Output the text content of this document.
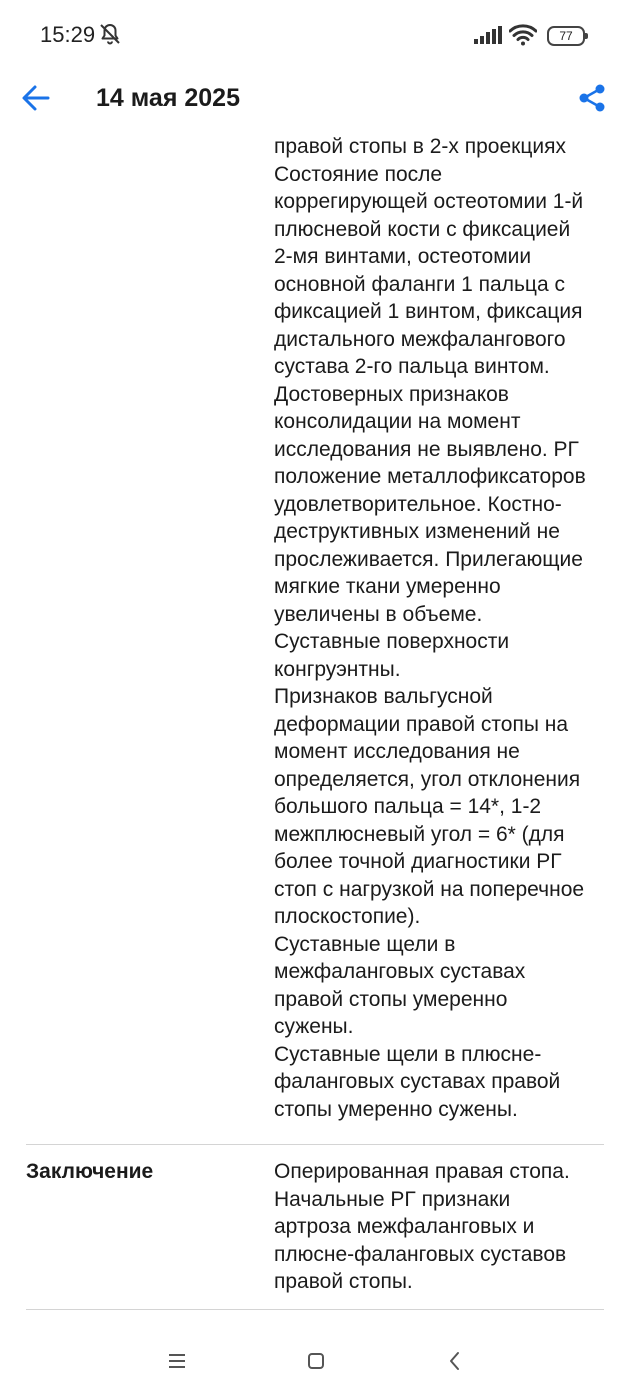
15:29	77
14 мая 2025
правой стопы в 2-х проекциях
Состояние после
коррегирующей остеотомии 1-й
плюсневой кости с фиксацией
2-мя винтами, остеотомии
основной фаланги 1 пальца с
фиксацией 1 винтом, фиксация
дистального межфалангового
сустава 2-го пальца винтом.
Достоверных признаков
консолидации на момент
исследования не выявлено. РГ
положение металлофиксаторов
удовлетворительное. Костно-
деструктивных изменений не
прослеживается. Прилегающие
мягкие ткани умеренно
увеличены в объеме.
Суставные поверхности
конгруэнтны.
Признаков вальгусной
деформации правой стопы на
момент исследования не
определяется, угол отклонения
большого пальца = 14*, 1-2
межплюсневый угол = 6* (для
более точной диагностики РГ
стоп с нагрузкой на поперечное
плоскостопие).
Суставные щели в
межфаланговых суставах
правой стопы умеренно
сужены.
Суставные щели в плюсне-
фаланговых суставах правой
стопы умеренно сужены.
Заключение	Оперированная правая стопа.
Начальные РГ признаки
артроза межфаланговых и
плюсне-фаланговых суставов
правой стопы.
